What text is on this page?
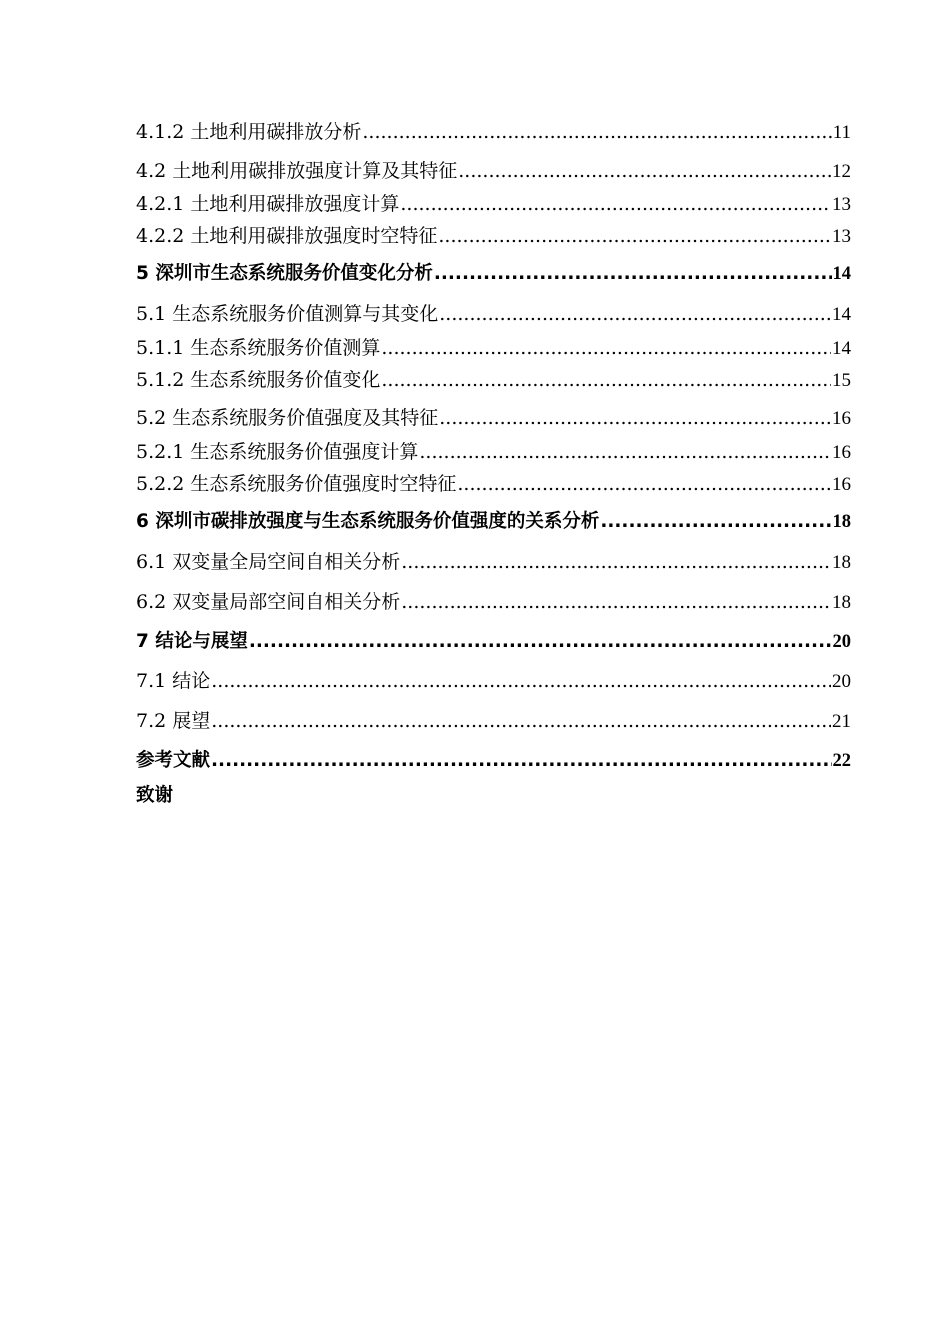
4.1.2 土地利用碳排放分析 .....	11
4.2 土地利用碳排放强度计算及其特征 .....	12
4.2.1 土地利用碳排放强度计算 .....	13
4.2.2 土地利用碳排放强度时空特征 .....	13
5 深圳市生态系统服务价值变化分析 .....	14
5.1 生态系统服务价值测算与其变化 .....	14
5.1.1 生态系统服务价值测算 .....	14
5.1.2 生态系统服务价值变化 .....	15
5.2 生态系统服务价值强度及其特征 .....	16
5.2.1 生态系统服务价值强度计算 .....	16
5.2.2 生态系统服务价值强度时空特征 .....	16
6 深圳市碳排放强度与生态系统服务价值强度的关系分析 .....	18
6.1 双变量全局空间自相关分析 .....	18
6.2 双变量局部空间自相关分析 .....	18
7 结论与展望 .....	20
7.1 结论 .....	20
7.2 展望 .....	21
参考文献 .....	22
致谢
